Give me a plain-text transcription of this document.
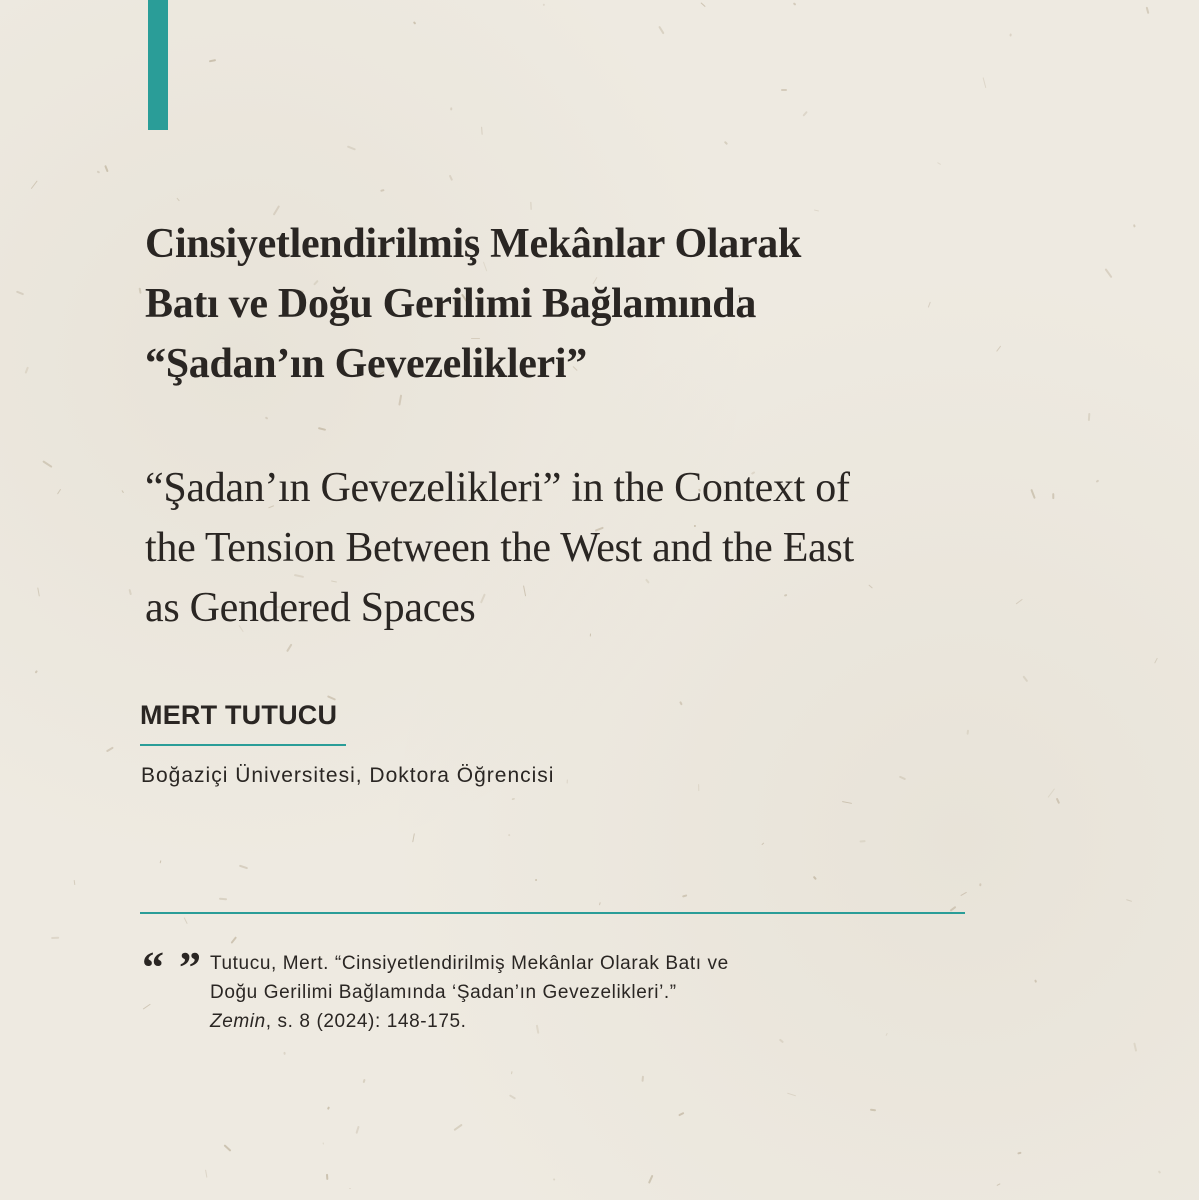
Cinsiyetlendirilmiş Mekânlar Olarak
Batı ve Doğu Gerilimi Bağlamında
“Şadan’ın Gevezelikleri”
“Şadan’ın Gevezelikleri” in the Context of
the Tension Between the West and the East
as Gendered Spaces
MERT TUTUCU
Boğaziçi Üniversitesi, Doktora Öğrencisi
“ ” Tutucu, Mert. “Cinsiyetlendirilmiş Mekânlar Olarak Batı ve
Doğu Gerilimi Bağlamında ‘Şadan’ın Gevezelikleri’.”
Zemin, s. 8 (2024): 148-175.
